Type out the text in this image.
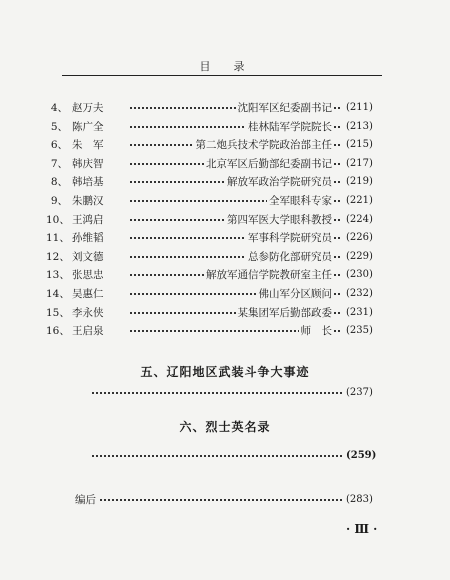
目　录
4、 赵万夫	沈阳军区纪委副书记 (211)
5、 陈广全	桂林陆军学院院长 (213)
6、 朱　军	第二炮兵技术学院政治部主任 (215)
7、 韩庆智	北京军区后勤部纪委副书记 (217)
8、 韩培基	解放军政治学院研究员 (219)
9、 朱鹏汉	全军眼科专家 (221)
10、 王鸿启	第四军医大学眼科教授 (224)
11、 孙维韬	军事科学院研究员 (226)
12、 刘文德	总参防化部研究员 (229)
13、 张思忠	解放军通信学院教研室主任 (230)
14、 吴惠仁	佛山军分区顾问 (232)
15、 李永侠	某集团军后勤部政委 (231)
16、 王启泉	师　长 (235)
五、辽阳地区武装斗争大事迹
(237)
六、烈士英名录
(259)
编后	(283)
· Ⅲ ·
